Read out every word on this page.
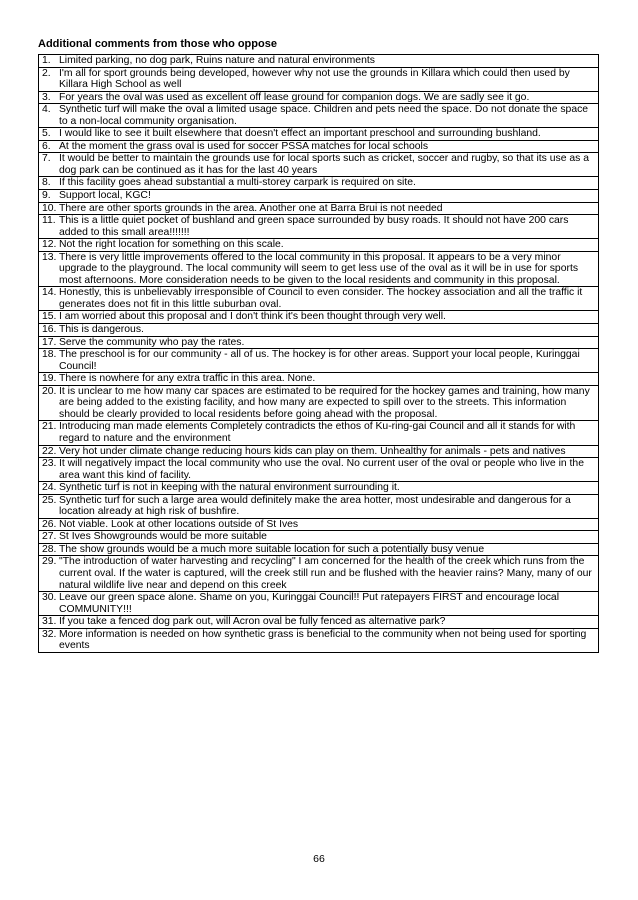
Additional comments from those who oppose
1. Limited parking, no dog park, Ruins nature and natural environments

2. I'm all for sport grounds being developed, however why not use the grounds in Killara which could then used by Killara High School as well

3. For years the oval was used as excellent off lease ground for companion dogs. We are sadly see it go.

4. Synthetic turf will make the oval a limited usage space. Children and pets need the space. Do not donate the space to a non-local community organisation.

5. I would like to see it built elsewhere that doesn't effect an important preschool and surrounding bushland.

6. At the moment the grass oval is used for soccer PSSA matches for local schools

7. It would be better to maintain the grounds use for local sports such as cricket, soccer and rugby, so that its use as a dog park can be continued as it has for the last 40 years

8. If this facility goes ahead substantial a multi-storey carpark is required on site.

9. Support local, KGC!

10. There are other sports grounds in the area. Another one at Barra Brui is not needed

11. This is a little quiet pocket of bushland and green space surrounded by busy roads. It should not have 200 cars added to this small area!!!!!!!

12. Not the right location for something on this scale.

13. There is very little improvements offered to the local community in this proposal. It appears to be a very minor upgrade to the playground. The local community will seem to get less use of the oval as it will be in use for sports most afternoons. More consideration needs to be given to the local residents and community in this proposal.

14. Honestly, this is unbelievably irresponsible of Council to even consider. The hockey association and all the traffic it generates does not fit in this little suburban oval.

15. I am worried about this proposal and I don't think it's been thought through very well.

16. This is dangerous.

17. Serve the community who pay the rates.

18. The preschool is for our community - all of us. The hockey is for other areas. Support your local people, Kuringgai Council!

19. There is nowhere for any extra traffic in this area. None.

20. It is unclear to me how many car spaces are estimated to be required for the hockey games and training, how many are being added to the existing facility, and how many are expected to spill over to the streets. This information should be clearly provided to local residents before going ahead with the proposal.

21. Introducing man made elements Completely contradicts the ethos of Ku-ring-gai Council and all it stands for with regard to nature and the environment

22. Very hot under climate change reducing hours kids can play on them. Unhealthy for animals - pets and natives

23. It will negatively impact the local community who use the oval. No current user of the oval or people who live in the area want this kind of facility.

24. Synthetic turf is not in keeping with the natural environment surrounding it.

25. Synthetic turf for such a large area would definitely make the area hotter, most undesirable and dangerous for a location already at high risk of bushfire.

26. Not viable. Look at other locations outside of St Ives

27. St Ives Showgrounds would be more suitable

28. The show grounds would be a much more suitable location for such a potentially busy venue

29. "The introduction of water harvesting and recycling" I am concerned for the health of the creek which runs from the current oval. If the water is captured, will the creek still run and be flushed with the heavier rains? Many, many of our natural wildlife live near and depend on this creek

30. Leave our green space alone. Shame on you, Kuringgai Council!! Put ratepayers FIRST and encourage local COMMUNITY!!!

31. If you take a fenced dog park out, will Acron oval be fully fenced as alternative park?

32. More information is needed on how synthetic grass is beneficial to the community when not being used for sporting events
66
